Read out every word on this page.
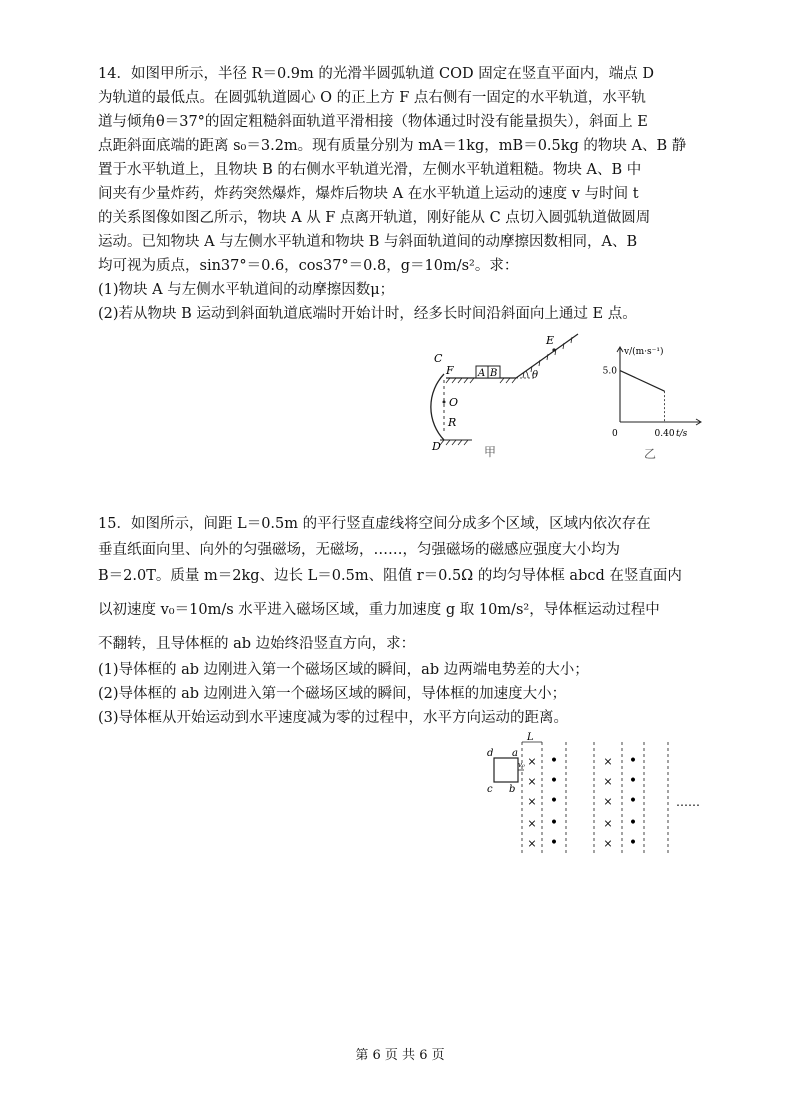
14．如图甲所示，半径 R＝0.9m 的光滑半圆弧轨道 COD 固定在竖直平面内，端点 D
为轨道的最低点。在圆弧轨道圆心 O 的正上方 F 点右侧有一固定的水平轨道，水平轨
道与倾角θ＝37°的固定粗糙斜面轨道平滑相接（物体通过时没有能量损失），斜面上 E
点距斜面底端的距离 s₀＝3.2m。现有质量分别为 mA＝1kg，mB＝0.5kg 的物块 A、B 静
置于水平轨道上，且物块 B 的右侧水平轨道光滑，左侧水平轨道粗糙。物块 A、B 中
间夹有少量炸药，炸药突然爆炸，爆炸后物块 A 在水平轨道上运动的速度 v 与时间 t
的关系图像如图乙所示，物块 A 从 F 点离开轨道，刚好能从 C 点切入圆弧轨道做圆周
运动。已知物块 A 与左侧水平轨道和物块 B 与斜面轨道间的动摩擦因数相同，A、B
均可视为质点，sin37°＝0.6，cos37°＝0.8，g＝10m/s²。求：
(1)物块 A 与左侧水平轨道间的动摩擦因数μ；
(2)若从物块 B 运动到斜面轨道底端时开始计时，经多长时间沿斜面向上通过 E 点。
C
F A B
E
θ
O
R
D	甲
v/(m·s⁻¹)
t/s
5.0
0.40
0
乙
15．如图所示，间距 L＝0.5m 的平行竖直虚线将空间分成多个区域，区域内依次存在
垂直纸面向里、向外的匀强磁场，无磁场，……，匀强磁场的磁感应强度大小均为
B＝2.0T。质量 m＝2kg、边长 L＝0.5m、阻值 r＝0.5Ω 的均匀导体框 abcd 在竖直面内
以初速度 v₀＝10m/s 水平进入磁场区域，重力加速度 g 取 10m/s²，导体框运动过程中
不翻转，且导体框的 ab 边始终沿竖直方向，求：
(1)导体框的 ab 边刚进入第一个磁场区域的瞬间，ab 边两端电势差的大小；
(2)导体框的 ab 边刚进入第一个磁场区域的瞬间，导体框的加速度大小；
(3)导体框从开始运动到水平速度减为零的过程中，水平方向运动的距离。
L
d a
c b
v₀ ×
×
×
×
×
•
•
•
•
•
×
×
×
×
×
•
•
•
•
•
……
第 6 页 共 6 页
